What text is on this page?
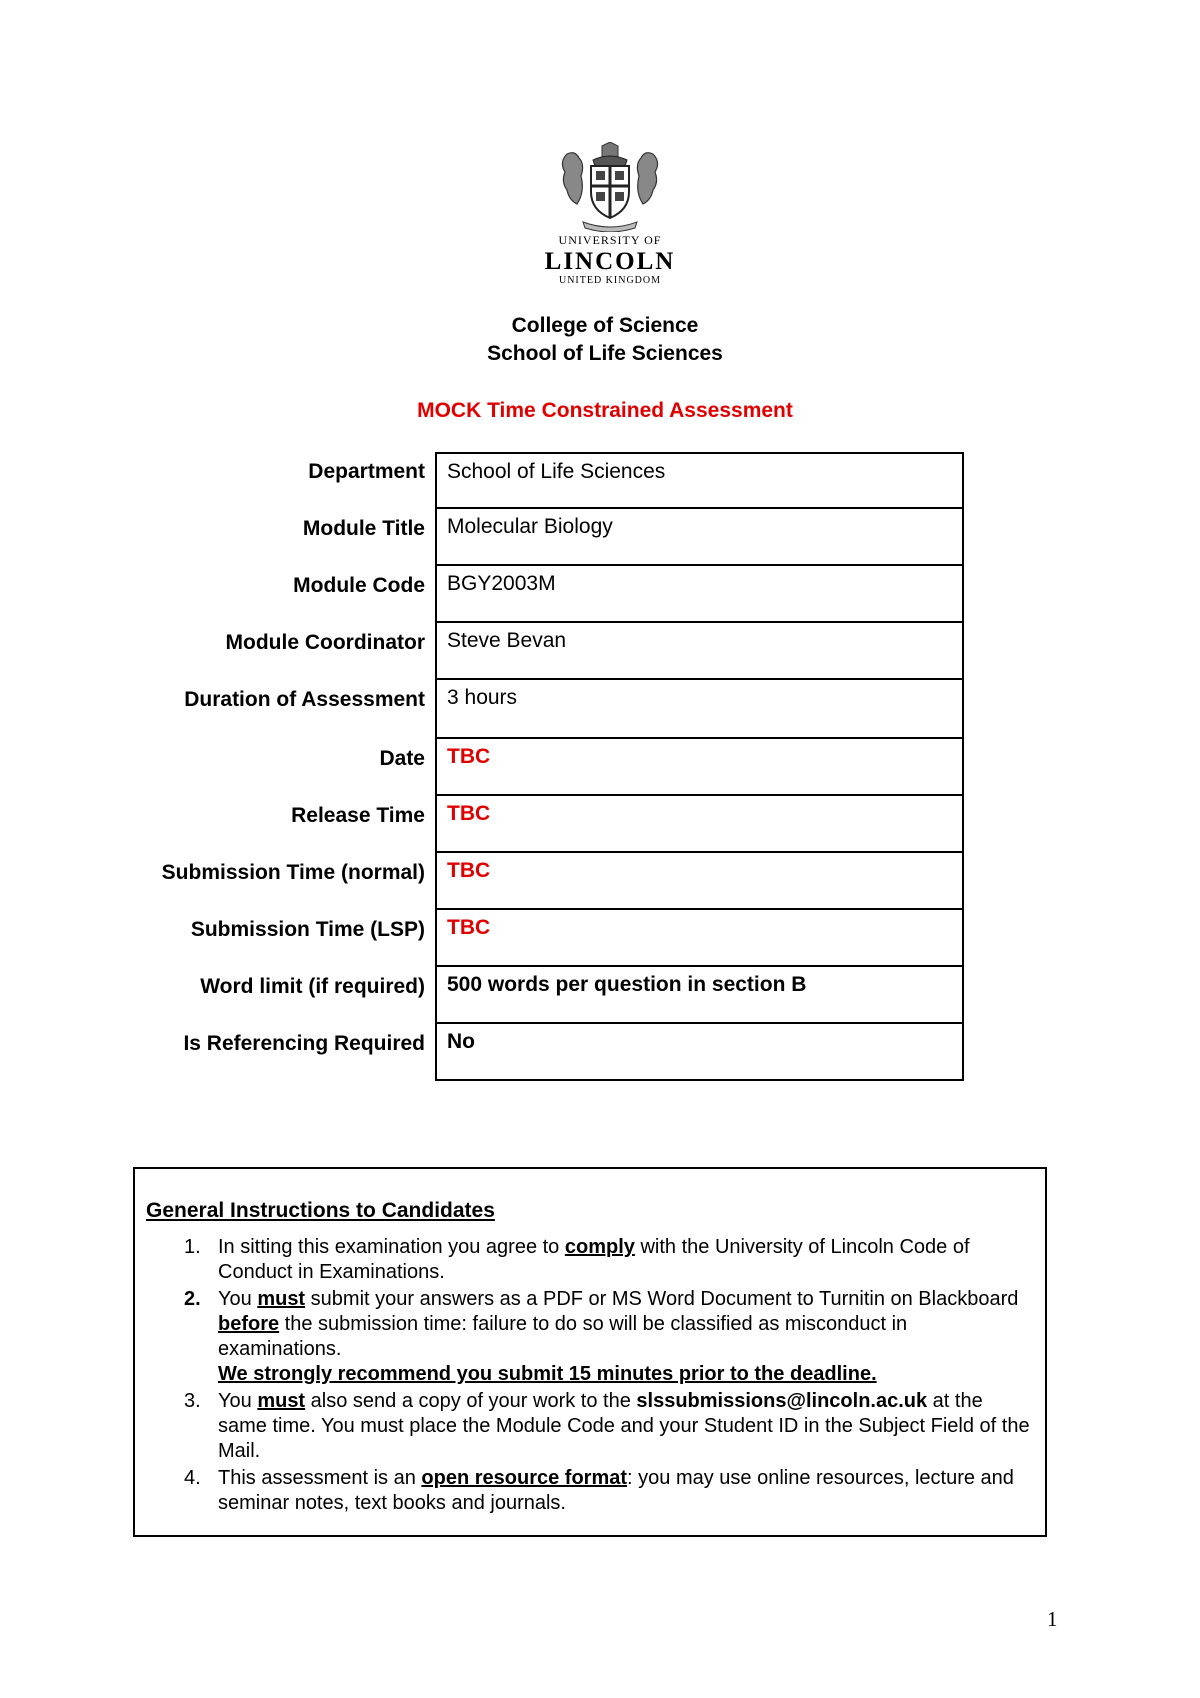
UNIVERSITY OF
LINCOLN
UNITED KINGDOM
College of Science
School of Life Sciences
MOCK Time Constrained Assessment
Department	School of Life Sciences
Module Title	Molecular Biology
Module Code	BGY2003M
Module Coordinator	Steve Bevan
Duration of Assessment	3 hours
Date	TBC
Release Time	TBC
Submission Time (normal)	TBC
Submission Time (LSP)	TBC
Word limit (if required)	500 words per question in section B
Is Referencing Required	No
General Instructions to Candidates
1. In sitting this examination you agree to comply with the University of Lincoln Code of Conduct in Examinations.
2. You must submit your answers as a PDF or MS Word Document to Turnitin on Blackboard before the submission time: failure to do so will be classified as misconduct in examinations.
We strongly recommend you submit 15 minutes prior to the deadline.
3. You must also send a copy of your work to the slssubmissions@lincoln.ac.uk at the same time. You must place the Module Code and your Student ID in the Subject Field of the Mail.
4. This assessment is an open resource format: you may use online resources, lecture and seminar notes, text books and journals.
1
